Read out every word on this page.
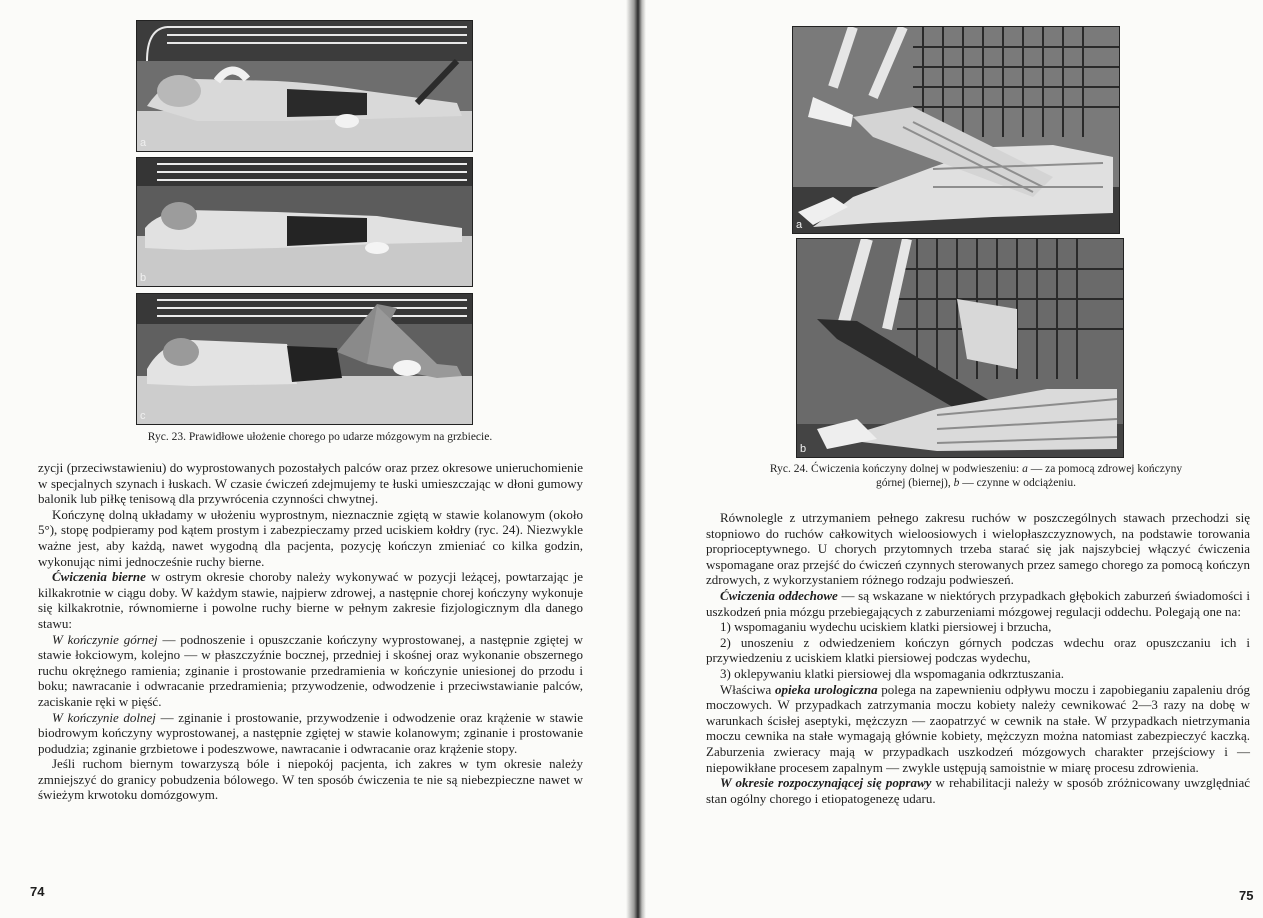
a
b
c
Ryc. 23. Prawidłowe ułożenie chorego po udarze mózgowym na grzbiecie.

zycji (przeciwstawieniu) do wyprostowanych pozostałych palców oraz przez okresowe unieruchomienie w specjalnych szynach i łuskach. W czasie ćwiczeń zdejmujemy te łuski umieszczając w dłoni gumowy balonik lub piłkę tenisową dla przywrócenia czynności chwytnej.

Kończynę dolną układamy w ułożeniu wyprostnym, nieznacznie zgiętą w stawie kolanowym (około 5°), stopę podpieramy pod kątem prostym i zabezpieczamy przed uciskiem kołdry (ryc. 24). Niezwykle ważne jest, aby każdą, nawet wygodną dla pacjenta, pozycję kończyn zmieniać co kilka godzin, wykonując nimi jednocześnie ruchy bierne.

Ćwiczenia bierne w ostrym okresie choroby należy wykonywać w pozycji leżącej, powtarzając je kilkakrotnie w ciągu doby. W każdym stawie, najpierw zdrowej, a następnie chorej kończyny wykonuje się kilkakrotnie, równomierne i powolne ruchy bierne w pełnym zakresie fizjologicznym dla danego stawu:

W kończynie górnej — podnoszenie i opuszczanie kończyny wyprostowanej, a następnie zgiętej w stawie łokciowym, kolejno — w płaszczyźnie bocznej, przedniej i skośnej oraz wykonanie obszernego ruchu okrężnego ramienia; zginanie i prostowanie przedramienia w kończynie uniesionej do przodu i boku; nawracanie i odwracanie przedramienia; przywodzenie, odwodzenie i przeciwstawianie palców, zaciskanie ręki w pięść.

W kończynie dolnej — zginanie i prostowanie, przywodzenie i odwodzenie oraz krążenie w stawie biodrowym kończyny wyprostowanej, a następnie zgiętej w stawie kolanowym; zginanie i prostowanie podudzia; zginanie grzbietowe i podeszwowe, nawracanie i odwracanie oraz krążenie stopy.

Jeśli ruchom biernym towarzyszą bóle i niepokój pacjenta, ich zakres w tym okresie należy zmniejszyć do granicy pobudzenia bólowego. W ten sposób ćwiczenia te nie są niebezpieczne nawet w świeżym krwotoku domózgowym.

74
a
b
Ryc. 24. Ćwiczenia kończyny dolnej w podwieszeniu: a — za pomocą zdrowej kończyny
górnej (biernej), b — czynne w odciążeniu.

Równolegle z utrzymaniem pełnego zakresu ruchów w poszczególnych stawach przechodzi się stopniowo do ruchów całkowitych wieloosiowych i wielopłaszczyznowych, na podstawie torowania proprioceptywnego. U chorych przytomnych trzeba starać się jak najszybciej włączyć ćwiczenia wspomagane oraz przejść do ćwiczeń czynnych sterowanych przez samego chorego za pomocą kończyn zdrowych, z wykorzystaniem różnego rodzaju podwieszeń.

Ćwiczenia oddechowe — są wskazane w niektórych przypadkach głębokich zaburzeń świadomości i uszkodzeń pnia mózgu przebiegających z zaburzeniami mózgowej regulacji oddechu. Polegają one na:

1) wspomaganiu wydechu uciskiem klatki piersiowej i brzucha,

2) unoszeniu z odwiedzeniem kończyn górnych podczas wdechu oraz opuszczaniu ich i przywiedzeniu z uciskiem klatki piersiowej podczas wydechu,

3) oklepywaniu klatki piersiowej dla wspomagania odkrztuszania.

Właściwa opieka urologiczna polega na zapewnieniu odpływu moczu i zapobieganiu zapaleniu dróg moczowych. W przypadkach zatrzymania moczu kobiety należy cewnikować 2—3 razy na dobę w warunkach ścisłej aseptyki, mężczyzn — zaopatrzyć w cewnik na stałe. W przypadkach nietrzymania moczu cewnika na stałe wymagają głównie kobiety, mężczyzn można natomiast zabezpieczyć kaczką. Zaburzenia zwieracy mają w przypadkach uszkodzeń mózgowych charakter przejściowy i — niepowikłane procesem zapalnym — zwykle ustępują samoistnie w miarę procesu zdrowienia.

W okresie rozpoczynającej się poprawy w rehabilitacji należy w sposób zróżnicowany uwzględniać stan ogólny chorego i etiopatogenezę udaru.

75
